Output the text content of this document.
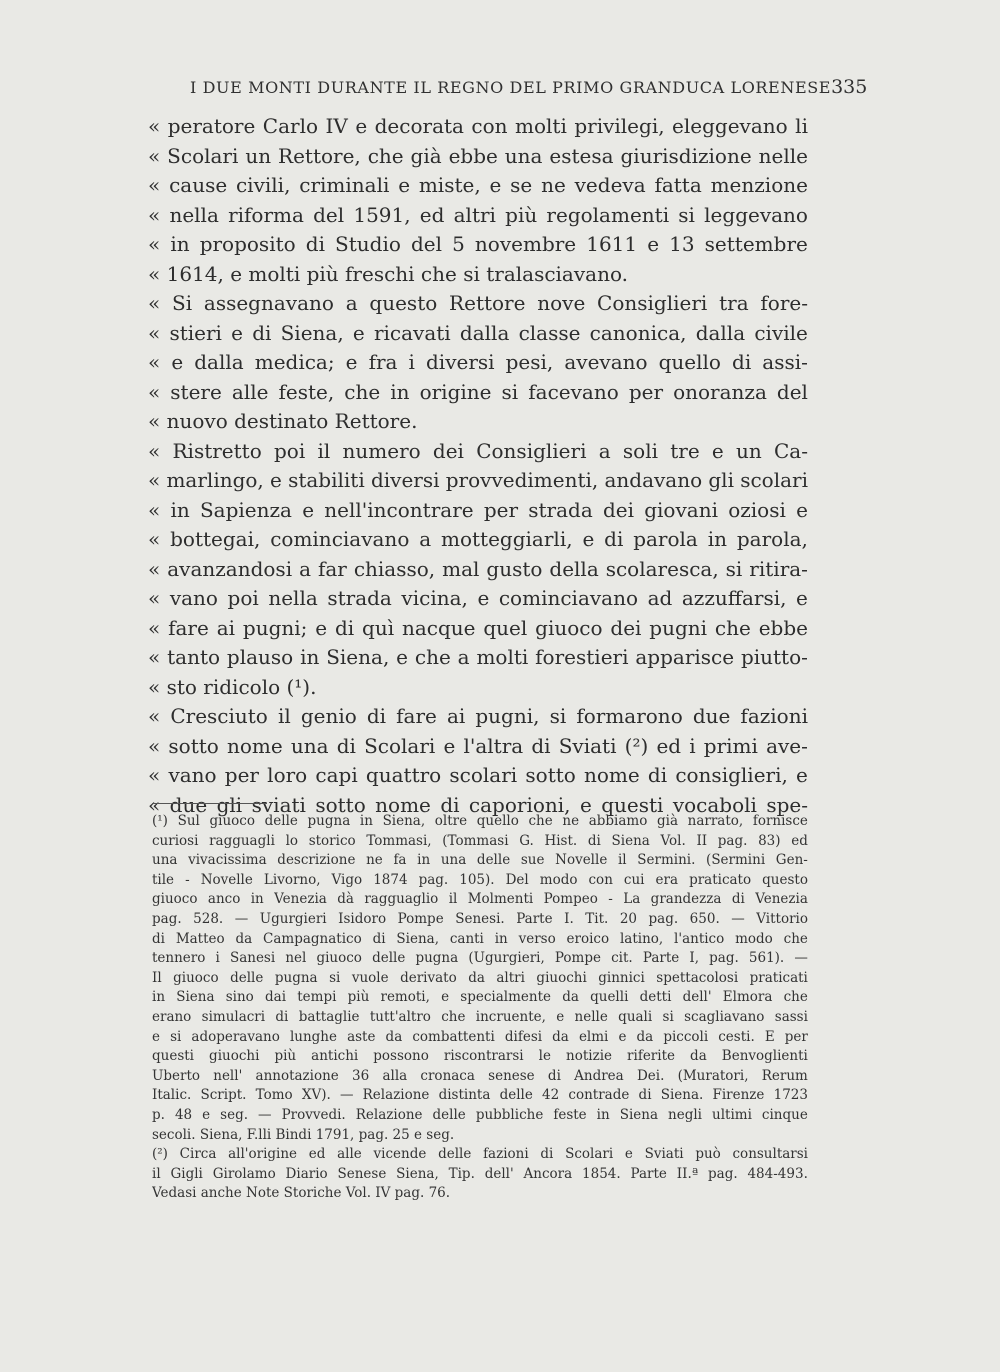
I DUE MONTI DURANTE IL REGNO DEL PRIMO GRANDUCA LORENESE 335
« peratore Carlo IV e decorata con molti privilegi, eleggevano li
« Scolari un Rettore, che già ebbe una estesa giurisdizione nelle
« cause civili, criminali e miste, e se ne vedeva fatta menzione
« nella riforma del 1591, ed altri più regolamenti si leggevano
« in proposito di Studio del 5 novembre 1611 e 13 settembre
« 1614, e molti più freschi che si tralasciavano.
« Si assegnavano a questo Rettore nove Consiglieri tra fore-
« stieri e di Siena, e ricavati dalla classe canonica, dalla civile
« e dalla medica; e fra i diversi pesi, avevano quello di assi-
« stere alle feste, che in origine si facevano per onoranza del
« nuovo destinato Rettore.
« Ristretto poi il numero dei Consiglieri a soli tre e un Ca-
« marlingo, e stabiliti diversi provvedimenti, andavano gli scolari
« in Sapienza e nell'incontrare per strada dei giovani oziosi e
« bottegai, cominciavano a motteggiarli, e di parola in parola,
« avanzandosi a far chiasso, mal gusto della scolaresca, si ritira-
« vano poi nella strada vicina, e cominciavano ad azzuffarsi, e
« fare ai pugni; e di quì nacque quel giuoco dei pugni che ebbe
« tanto plauso in Siena, e che a molti forestieri apparisce piutto-
« sto ridicolo (¹).
« Cresciuto il genio di fare ai pugni, si formarono due fazioni
« sotto nome una di Scolari e l'altra di Sviati (²) ed i primi ave-
« vano per loro capi quattro scolari sotto nome di consiglieri, e
« due gli sviati sotto nome di caporioni, e questi vocaboli spe-
(¹) Sul giuoco delle pugna in Siena, oltre quello che ne abbiamo già narrato, fornisce
curiosi ragguagli lo storico Tommasi, (Tommasi G. Hist. di Siena Vol. II pag. 83) ed
una vivacissima descrizione ne fa in una delle sue Novelle il Sermini. (Sermini Gen-
tile - Novelle Livorno, Vigo 1874 pag. 105). Del modo con cui era praticato questo
giuoco anco in Venezia dà ragguaglio il Molmenti Pompeo - La grandezza di Venezia
pag. 528. — Ugurgieri Isidoro Pompe Senesi. Parte I. Tit. 20 pag. 650. — Vittorio
di Matteo da Campagnatico di Siena, canti in verso eroico latino, l'antico modo che
tennero i Sanesi nel giuoco delle pugna (Ugurgieri, Pompe cit. Parte I, pag. 561). —
Il giuoco delle pugna si vuole derivato da altri giuochi ginnici spettacolosi praticati
in Siena sino dai tempi più remoti, e specialmente da quelli detti dell' Elmora che
erano simulacri di battaglie tutt'altro che incruente, e nelle quali si scagliavano sassi
e si adoperavano lunghe aste da combattenti difesi da elmi e da piccoli cesti. E per
questi giuochi più antichi possono riscontrarsi le notizie riferite da Benvoglienti
Uberto nell' annotazione 36 alla cronaca senese di Andrea Dei. (Muratori, Rerum
Italic. Script. Tomo XV). — Relazione distinta delle 42 contrade di Siena. Firenze 1723
p. 48 e seg. — Provvedi. Relazione delle pubbliche feste in Siena negli ultimi cinque
secoli. Siena, F.lli Bindi 1791, pag. 25 e seg.
(²) Circa all'origine ed alle vicende delle fazioni di Scolari e Sviati può consultarsi
il Gigli Girolamo Diario Senese Siena, Tip. dell' Ancora 1854. Parte II.ª pag. 484-493.
Vedasi anche Note Storiche Vol. IV pag. 76.
